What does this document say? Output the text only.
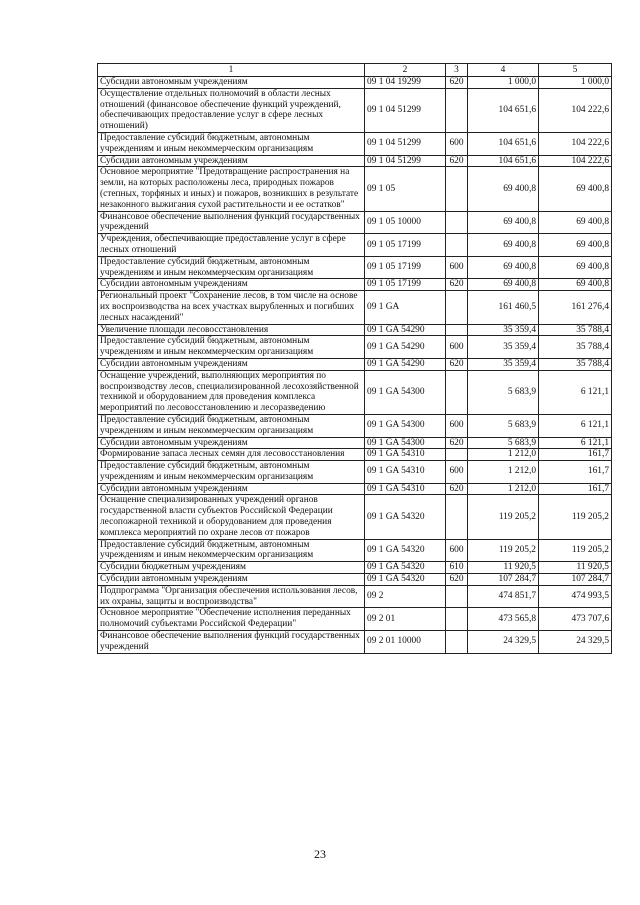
1	2	3	4	5
Субсидии автономным учреждениям	09 1 04 19299	620	1 000,0	1 000,0
Осуществление отдельных полномочий в области лесных отношений (финансовое обеспечение функций учреждений, обеспечивающих предоставление услуг в сфере лесных отношений)	09 1 04 51299		104 651,6	104 222,6
Предоставление субсидий бюджетным, автономным учреждениям и иным некоммерческим организациям	09 1 04 51299	600	104 651,6	104 222,6
Субсидии автономным учреждениям	09 1 04 51299	620	104 651,6	104 222,6
Основное мероприятие "Предотвращение распространения на земли, на которых расположены леса, природных пожаров (степных, торфяных и иных) и пожаров, возникших в результате незаконного выжигания сухой растительности и ее остатков"	09 1 05		69 400,8	69 400,8
Финансовое обеспечение выполнения функций государственных учреждений	09 1 05 10000		69 400,8	69 400,8
Учреждения, обеспечивающие предоставление услуг в сфере лесных отношений	09 1 05 17199		69 400,8	69 400,8
Предоставление субсидий бюджетным, автономным учреждениям и иным некоммерческим организациям	09 1 05 17199	600	69 400,8	69 400,8
Субсидии автономным учреждениям	09 1 05 17199	620	69 400,8	69 400,8
Региональный проект "Сохранение лесов, в том числе на основе их воспроизводства на всех участках вырубленных и погибших лесных насаждений"	09 1 GA		161 460,5	161 276,4
Увеличение площади лесовосстановления	09 1 GA 54290		35 359,4	35 788,4
Предоставление субсидий бюджетным, автономным учреждениям и иным некоммерческим организациям	09 1 GA 54290	600	35 359,4	35 788,4
Субсидии автономным учреждениям	09 1 GA 54290	620	35 359,4	35 788,4
Оснащение учреждений, выполняющих мероприятия по воспроизводству лесов, специализированной лесохозяйственной техникой и оборудованием для проведения комплекса мероприятий по лесовосстановлению и лесоразведению	09 1 GA 54300		5 683,9	6 121,1
Предоставление субсидий бюджетным, автономным учреждениям и иным некоммерческим организациям	09 1 GA 54300	600	5 683,9	6 121,1
Субсидии автономным учреждениям	09 1 GA 54300	620	5 683,9	6 121,1
Формирование запаса лесных семян для лесовосстановления	09 1 GA 54310		1 212,0	161,7
Предоставление субсидий бюджетным, автономным учреждениям и иным некоммерческим организациям	09 1 GA 54310	600	1 212,0	161,7
Субсидии автономным учреждениям	09 1 GA 54310	620	1 212,0	161,7
Оснащение специализированных учреждений органов государственной власти субъектов Российской Федерации лесопожарной техникой и оборудованием для проведения комплекса мероприятий по охране лесов от пожаров	09 1 GA 54320		119 205,2	119 205,2
Предоставление субсидий бюджетным, автономным учреждениям и иным некоммерческим организациям	09 1 GA 54320	600	119 205,2	119 205,2
Субсидии бюджетным учреждениям	09 1 GA 54320	610	11 920,5	11 920,5
Субсидии автономным учреждениям	09 1 GA 54320	620	107 284,7	107 284,7
Подпрограмма "Организация обеспечения использования лесов, их охраны, защиты и воспроизводства"	09 2		474 851,7	474 993,5
Основное мероприятие "Обеспечение исполнения переданных полномочий субъектами Российской Федерации"	09 2 01		473 565,8	473 707,6
Финансовое обеспечение выполнения функций государственных учреждений	09 2 01 10000		24 329,5	24 329,5
23
